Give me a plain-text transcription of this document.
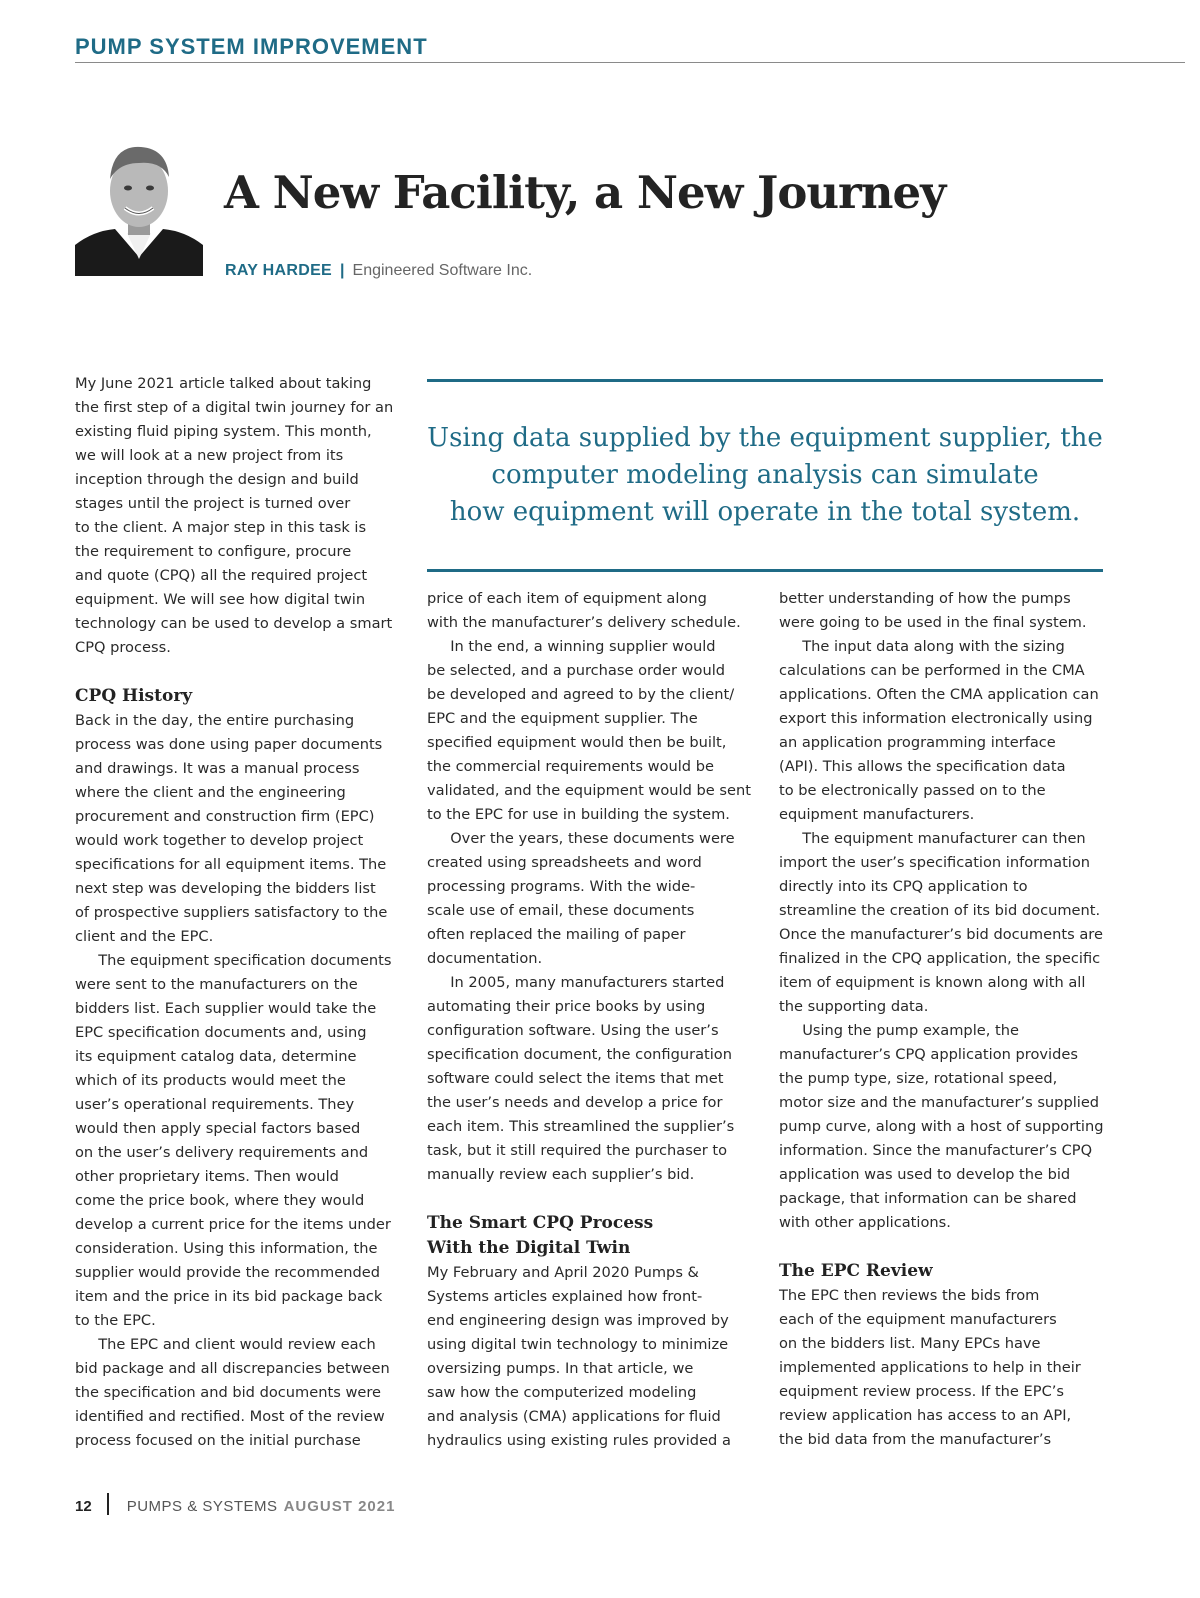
PUMP SYSTEM IMPROVEMENT
A New Facility, a New Journey
RAY HARDEE | Engineered Software Inc.
My June 2021 article talked about taking
the first step of a digital twin journey for an
existing fluid piping system. This month,
we will look at a new project from its
inception through the design and build
stages until the project is turned over
to the client. A major step in this task is
the requirement to configure, procure
and quote (CPQ) all the required project
equipment. We will see how digital twin
technology can be used to develop a smart
CPQ process.
CPQ History
Back in the day, the entire purchasing
process was done using paper documents
and drawings. It was a manual process
where the client and the engineering
procurement and construction firm (EPC)
would work together to develop project
specifications for all equipment items. The
next step was developing the bidders list
of prospective suppliers satisfactory to the
client and the EPC.
The equipment specification documents
were sent to the manufacturers on the
bidders list. Each supplier would take the
EPC specification documents and, using
its equipment catalog data, determine
which of its products would meet the
user’s operational requirements. They
would then apply special factors based
on the user’s delivery requirements and
other proprietary items. Then would
come the price book, where they would
develop a current price for the items under
consideration. Using this information, the
supplier would provide the recommended
item and the price in its bid package back
to the EPC.
The EPC and client would review each
bid package and all discrepancies between
the specification and bid documents were
identified and rectified. Most of the review
process focused on the initial purchase
Using data supplied by the equipment supplier, the
computer modeling analysis can simulate
how equipment will operate in the total system.
price of each item of equipment along
with the manufacturer’s delivery schedule.
In the end, a winning supplier would
be selected, and a purchase order would
be developed and agreed to by the client/
EPC and the equipment supplier. The
specified equipment would then be built,
the commercial requirements would be
validated, and the equipment would be sent
to the EPC for use in building the system.
Over the years, these documents were
created using spreadsheets and word
processing programs. With the wide-
scale use of email, these documents
often replaced the mailing of paper
documentation.
In 2005, many manufacturers started
automating their price books by using
configuration software. Using the user’s
specification document, the configuration
software could select the items that met
the user’s needs and develop a price for
each item. This streamlined the supplier’s
task, but it still required the purchaser to
manually review each supplier’s bid.
The Smart CPQ Process
With the Digital Twin
My February and April 2020 Pumps &
Systems articles explained how front-
end engineering design was improved by
using digital twin technology to minimize
oversizing pumps. In that article, we
saw how the computerized modeling
and analysis (CMA) applications for fluid
hydraulics using existing rules provided a
better understanding of how the pumps
were going to be used in the final system.
The input data along with the sizing
calculations can be performed in the CMA
applications. Often the CMA application can
export this information electronically using
an application programming interface
(API). This allows the specification data
to be electronically passed on to the
equipment manufacturers.
The equipment manufacturer can then
import the user’s specification information
directly into its CPQ application to
streamline the creation of its bid document.
Once the manufacturer’s bid documents are
finalized in the CPQ application, the specific
item of equipment is known along with all
the supporting data.
Using the pump example, the
manufacturer’s CPQ application provides
the pump type, size, rotational speed,
motor size and the manufacturer’s supplied
pump curve, along with a host of supporting
information. Since the manufacturer’s CPQ
application was used to develop the bid
package, that information can be shared
with other applications.
The EPC Review
The EPC then reviews the bids from
each of the equipment manufacturers
on the bidders list. Many EPCs have
implemented applications to help in their
equipment review process. If the EPC’s
review application has access to an API,
the bid data from the manufacturer’s
12 PUMPS & SYSTEMS AUGUST 2021
